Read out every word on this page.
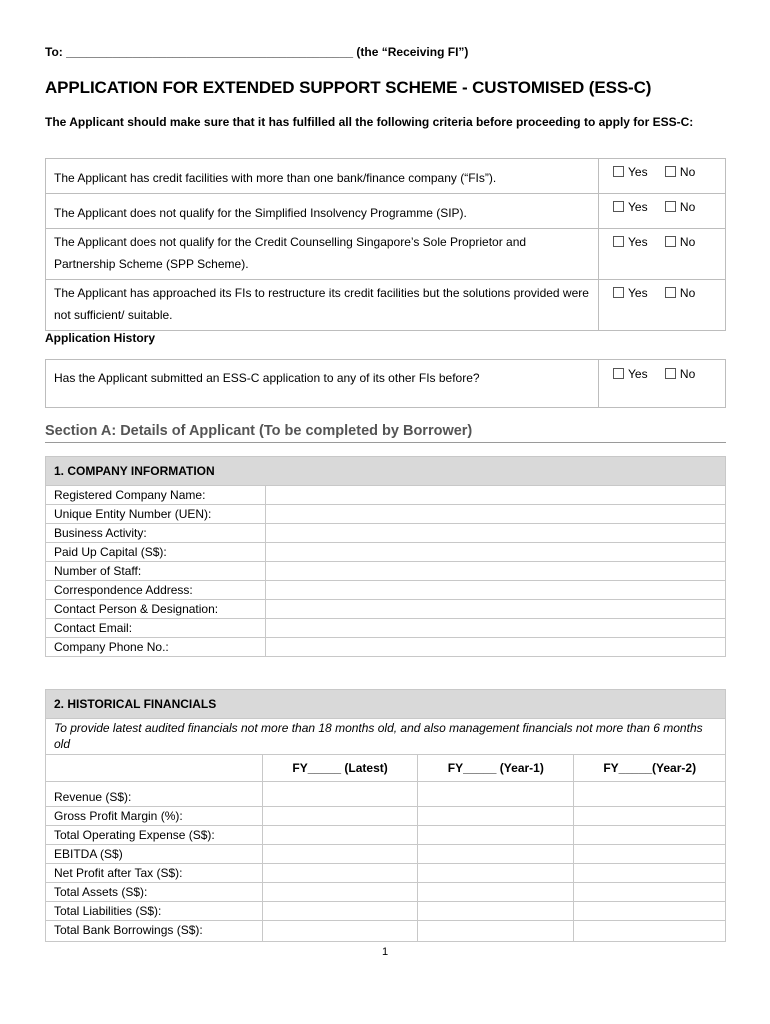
To: ___________________________________________ (the “Receiving FI”)
APPLICATION FOR EXTENDED SUPPORT SCHEME - CUSTOMISED (ESS-C)
The Applicant should make sure that it has fulfilled all the following criteria before proceeding to apply for ESS-C:
The Applicant has credit facilities with more than one bank/finance company (“FIs”).	Yes No
The Applicant does not qualify for the Simplified Insolvency Programme (SIP).	Yes No
The Applicant does not qualify for the Credit Counselling Singapore’s Sole Proprietor and Partnership Scheme (SPP Scheme).	Yes No
The Applicant has approached its FIs to restructure its credit facilities but the solutions provided were not sufficient/ suitable.	Yes No
Application History
Has the Applicant submitted an ESS-C application to any of its other FIs before?	Yes	No
Section A: Details of Applicant (To be completed by Borrower)
1. COMPANY INFORMATION	
Registered Company Name:	
Unique Entity Number (UEN):	
Business Activity:	
Paid Up Capital (S$):	
Number of Staff:	
Correspondence Address:	
Contact Person & Designation:	
Contact Email:	
Company Phone No.:	
2. HISTORICAL FINANCIALS			
To provide latest audited financials not more than 18 months old, and also management financials not more than 6 months old			
	FY_____ (Latest)	FY_____ (Year-1)	FY_____(Year-2)
Revenue (S$):			
Gross Profit Margin (%):			
Total Operating Expense (S$):			
EBITDA (S$)			
Net Profit after Tax (S$):			
Total Assets (S$):			
Total Liabilities (S$):			
Total Bank Borrowings (S$):			
1
